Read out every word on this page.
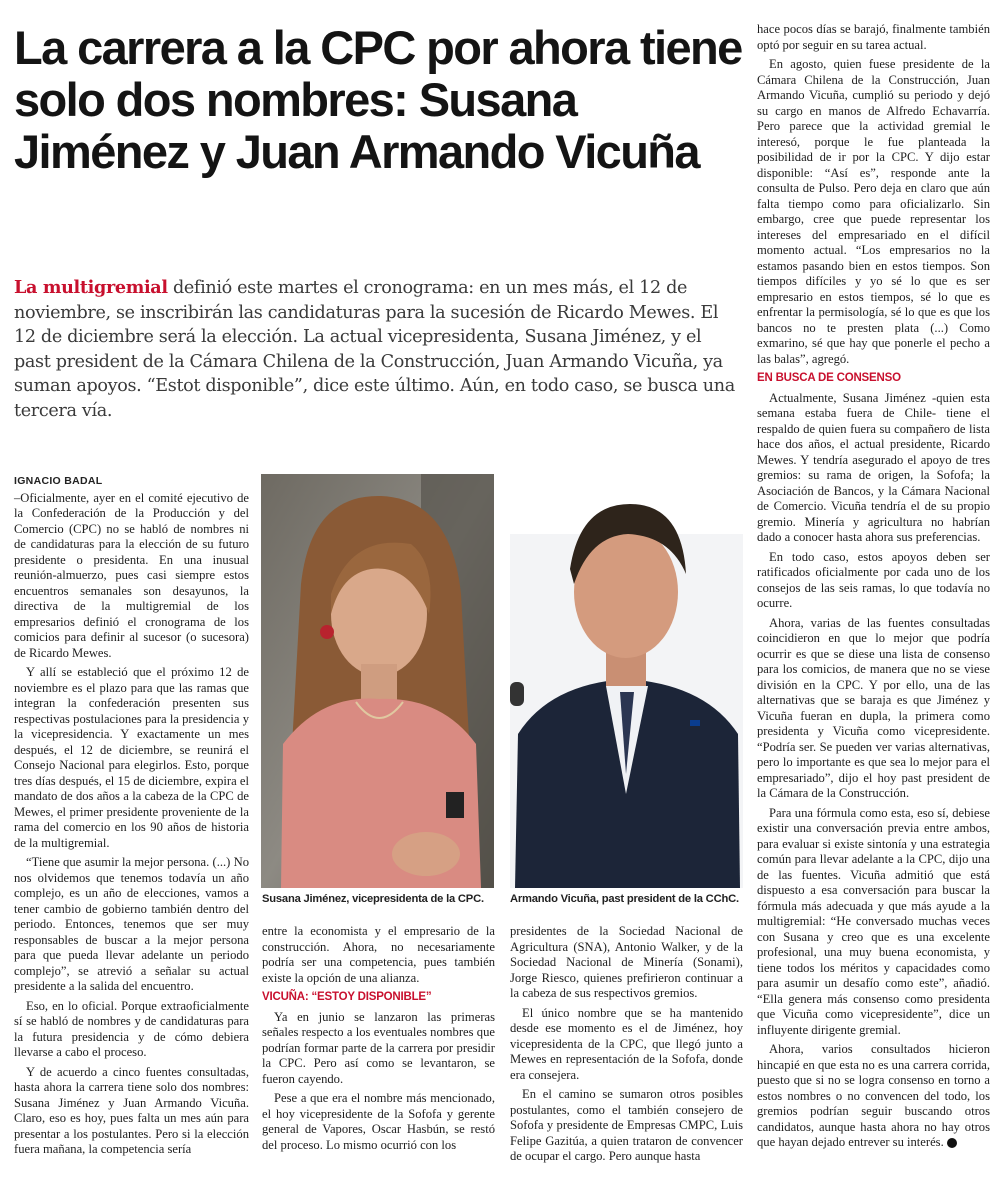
La carrera a la CPC por ahora tiene solo dos nombres: Susana Jiménez y Juan Armando Vicuña

La multigremial definió este martes el cronograma: en un mes más, el 12 de noviembre, se inscribirán las candidaturas para la sucesión de Ricardo Mewes. El 12 de diciembre será la elección. La actual vicepresidenta, Susana Jiménez, y el past president de la Cámara Chilena de la Construcción, Juan Armando Vicuña, ya suman apoyos. “Estot disponible”, dice este último. Aún, en todo caso, se busca una tercera vía.

IGNACIO BADAL

–Oficialmente, ayer en el comité ejecutivo de la Confederación de la Producción y del Comercio (CPC) no se habló de nombres ni de candidaturas para la elección de su futuro presidente o presidenta. En una inusual reunión-almuerzo, pues casi siempre estos encuentros semanales son desayunos, la directiva de la multigremial de los empresarios definió el cronograma de los comicios para definir al sucesor (o sucesora) de Ricardo Mewes.

Y allí se estableció que el próximo 12 de noviembre es el plazo para que las ramas que integran la confederación presenten sus respectivas postulaciones para la presidencia y la vicepresidencia. Y exactamente un mes después, el 12 de diciembre, se reunirá el Consejo Nacional para elegirlos. Esto, porque tres días después, el 15 de diciembre, expira el mandato de dos años a la cabeza de la CPC de Mewes, el primer presidente proveniente de la rama del comercio en los 90 años de historia de la multigremial.

“Tiene que asumir la mejor persona. (...) No nos olvidemos que tenemos todavía un año complejo, es un año de elecciones, vamos a tener cambio de gobierno también dentro del periodo. Entonces, tenemos que ser muy responsables de buscar a la mejor persona para que pueda llevar adelante un periodo complejo”, se atrevió a señalar su actual presidente a la salida del encuentro.

Eso, en lo oficial. Porque extraoficialmente sí se habló de nombres y de candidaturas para la futura presidencia y de cómo debiera llevarse a cabo el proceso.

Y de acuerdo a cinco fuentes consultadas, hasta ahora la carrera tiene solo dos nombres: Susana Jiménez y Juan Armando Vicuña. Claro, eso es hoy, pues falta un mes aún para presentar a los postulantes. Pero si la elección fuera mañana, la competencia sería

Susana Jiménez, vicepresidenta de la CPC.	Armando Vicuña, past president de la CChC.

entre la economista y el empresario de la construcción. Ahora, no necesariamente podría ser una competencia, pues también existe la opción de una alianza.

VICUÑA: “ESTOY DISPONIBLE”

Ya en junio se lanzaron las primeras señales respecto a los eventuales nombres que podrían formar parte de la carrera por presidir la CPC. Pero así como se levantaron, se fueron cayendo.

Pese a que era el nombre más mencionado, el hoy vicepresidente de la Sofofa y gerente general de Vapores, Oscar Hasbún, se restó del proceso. Lo mismo ocurrió con los

presidentes de la Sociedad Nacional de Agricultura (SNA), Antonio Walker, y de la Sociedad Nacional de Minería (Sonami), Jorge Riesco, quienes prefirieron continuar a la cabeza de sus respectivos gremios.

El único nombre que se ha mantenido desde ese momento es el de Jiménez, hoy vicepresidenta de la CPC, que llegó junto a Mewes en representación de la Sofofa, donde era consejera.

En el camino se sumaron otros posibles postulantes, como el también consejero de Sofofa y presidente de Empresas CMPC, Luis Felipe Gazitúa, a quien trataron de convencer de ocupar el cargo. Pero aunque hasta

hace pocos días se barajó, finalmente también optó por seguir en su tarea actual.

En agosto, quien fuese presidente de la Cámara Chilena de la Construcción, Juan Armando Vicuña, cumplió su periodo y dejó su cargo en manos de Alfredo Echavarría. Pero parece que la actividad gremial le interesó, porque le fue planteada la posibilidad de ir por la CPC. Y dijo estar disponible: “Así es”, responde ante la consulta de Pulso. Pero deja en claro que aún falta tiempo como para oficializarlo. Sin embargo, cree que puede representar los intereses del empresariado en el difícil momento actual. “Los empresarios no la estamos pasando bien en estos tiempos. Son tiempos difíciles y yo sé lo que es ser empresario en estos tiempos, sé lo que es enfrentar la permisología, sé lo que es que los bancos no te presten plata (...) Como exmarino, sé que hay que ponerle el pecho a las balas”, agregó.

EN BUSCA DE CONSENSO

Actualmente, Susana Jiménez -quien esta semana estaba fuera de Chile- tiene el respaldo de quien fuera su compañero de lista hace dos años, el actual presidente, Ricardo Mewes. Y tendría asegurado el apoyo de tres gremios: su rama de origen, la Sofofa; la Asociación de Bancos, y la Cámara Nacional de Comercio. Vicuña tendría el de su propio gremio. Minería y agricultura no habrían dado a conocer hasta ahora sus preferencias.

En todo caso, estos apoyos deben ser ratificados oficialmente por cada uno de los consejos de las seis ramas, lo que todavía no ocurre.

Ahora, varias de las fuentes consultadas coincidieron en que lo mejor que podría ocurrir es que se diese una lista de consenso para los comicios, de manera que no se viese división en la CPC. Y por ello, una de las alternativas que se baraja es que Jiménez y Vicuña fueran en dupla, la primera como presidenta y Vicuña como vicepresidente. “Podría ser. Se pueden ver varias alternativas, pero lo importante es que sea lo mejor para el empresariado”, dijo el hoy past president de la Cámara de la Construcción.

Para una fórmula como esta, eso sí, debiese existir una conversación previa entre ambos, para evaluar si existe sintonía y una estrategia común para llevar adelante a la CPC, dijo una de las fuentes. Vicuña admitió que está dispuesto a esa conversación para buscar la fórmula más adecuada y que más ayude a la multigremial: “He conversado muchas veces con Susana y creo que es una excelente profesional, una muy buena economista, y tiene todos los méritos y capacidades como para asumir un desafío como este”, añadió. “Ella genera más consenso como presidenta que Vicuña como vicepresidente”, dice un influyente dirigente gremial.

Ahora, varios consultados hicieron hincapié en que esta no es una carrera corrida, puesto que si no se logra consenso en torno a estos nombres o no convencen del todo, los gremios podrían seguir buscando otros candidatos, aunque hasta ahora no hay otros que hayan dejado entrever su interés. P
